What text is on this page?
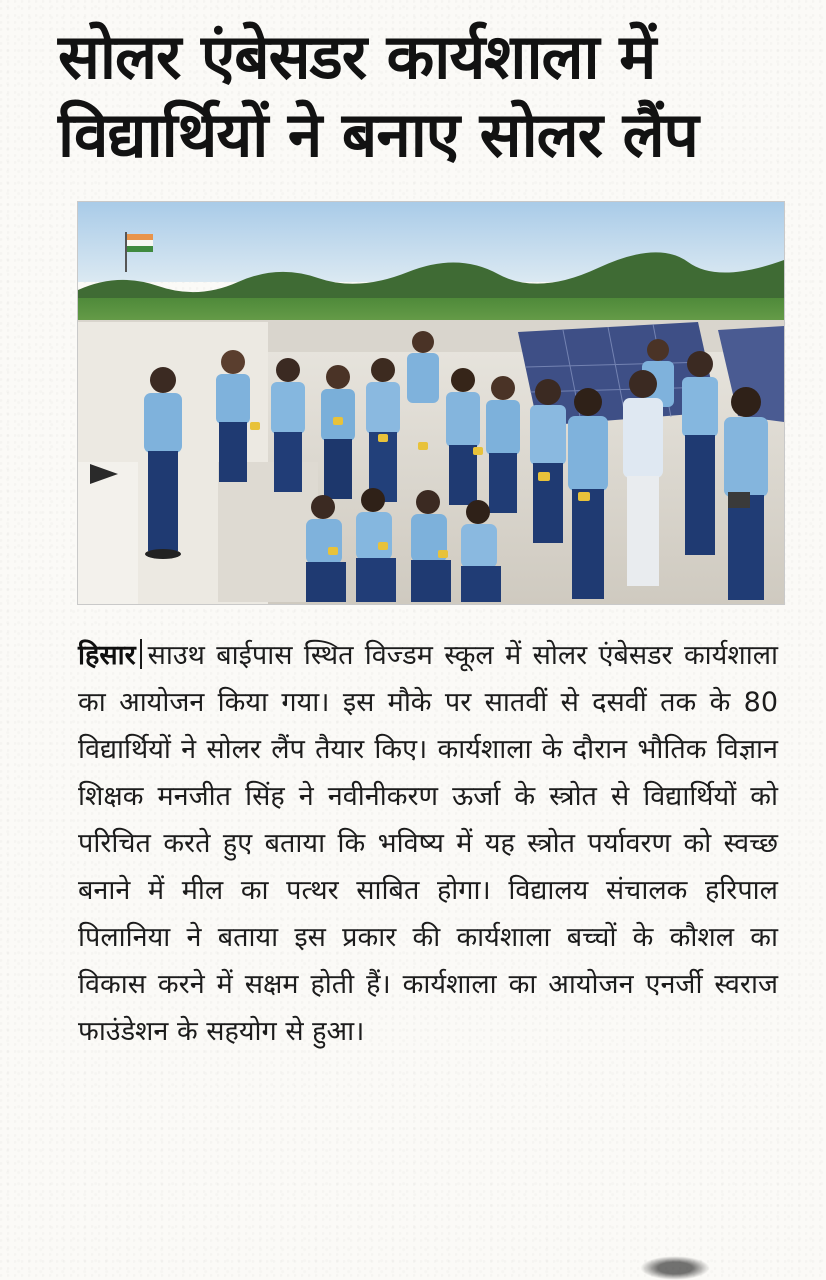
सोलर एंबेसडर कार्यशाला में
विद्यार्थियों ने बनाए सोलर लैंप

हिसार साउथ बाईपास स्थित विज्डम स्कूल में सोलर एंबेसडर कार्यशाला का आयोजन किया गया। इस मौके पर सातवीं से दसवीं तक के 80 विद्यार्थियों ने सोलर लैंप तैयार किए। कार्यशाला के दौरान भौतिक विज्ञान शिक्षक मनजीत सिंह ने नवीनीकरण ऊर्जा के स्त्रोत से विद्यार्थियों को परिचित करते हुए बताया कि भविष्य में यह स्त्रोत पर्यावरण को स्वच्छ बनाने में मील का पत्थर साबित होगा। विद्यालय संचालक हरिपाल पिलानिया ने बताया इस प्रकार की कार्यशाला बच्चों के कौशल का विकास करने में सक्षम होती हैं। कार्यशाला का आयोजन एनर्जी स्वराज फाउंडेशन के सहयोग से हुआ।
